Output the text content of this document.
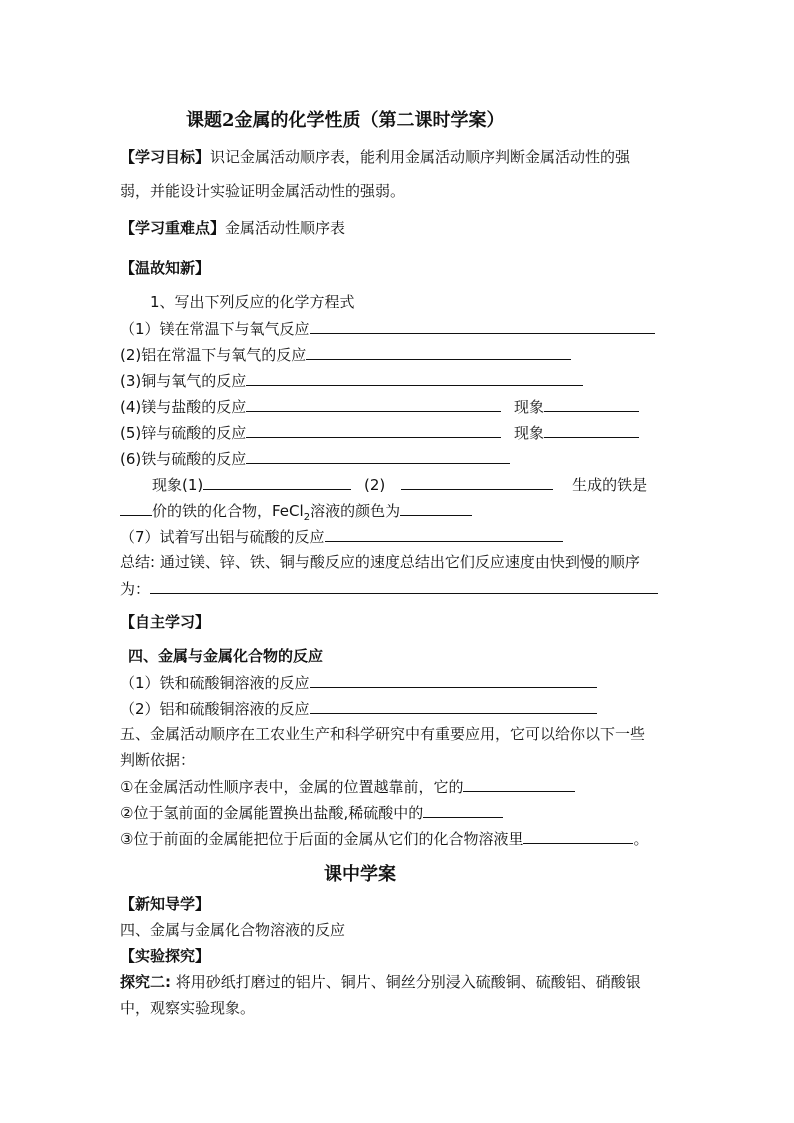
课题2金属的化学性质（第二课时学案）
【学习目标】识记金属活动顺序表，能利用金属活动顺序判断金属活动性的强
弱，并能设计实验证明金属活动性的强弱。
【学习重难点】金属活动性顺序表
【温故知新】
1、写出下列反应的化学方程式
（1）镁在常温下与氧气反应
(2)铝在常温下与氧气的反应
(3)铜与氧气的反应
(4)镁与盐酸的反应	现象
(5)锌与硫酸的反应	现象
(6)铁与硫酸的反应
现象(1)	(2)	生成的铁是
价的铁的化合物，FeCl$_2$溶液的颜色为
（7）试着写出铝与硫酸的反应
总结: 通过镁、锌、铁、铜与酸反应的速度总结出它们反应速度由快到慢的顺序
为：
【自主学习】
四、金属与金属化合物的反应
（1）铁和硫酸铜溶液的反应
（2）铝和硫酸铜溶液的反应
五、金属活动顺序在工农业生产和科学研究中有重要应用，它可以给你以下一些
判断依据：
①在金属活动性顺序表中，金属的位置越靠前，它的
②位于氢前面的金属能置换出盐酸,稀硫酸中的
③位于前面的金属能把位于后面的金属从它们的化合物溶液里	。
课中学案
【新知导学】
四、金属与金属化合物溶液的反应
【实验探究】
探究二: 将用砂纸打磨过的铝片、铜片、铜丝分别浸入硫酸铜、硫酸铝、硝酸银
中，观察实验现象。
